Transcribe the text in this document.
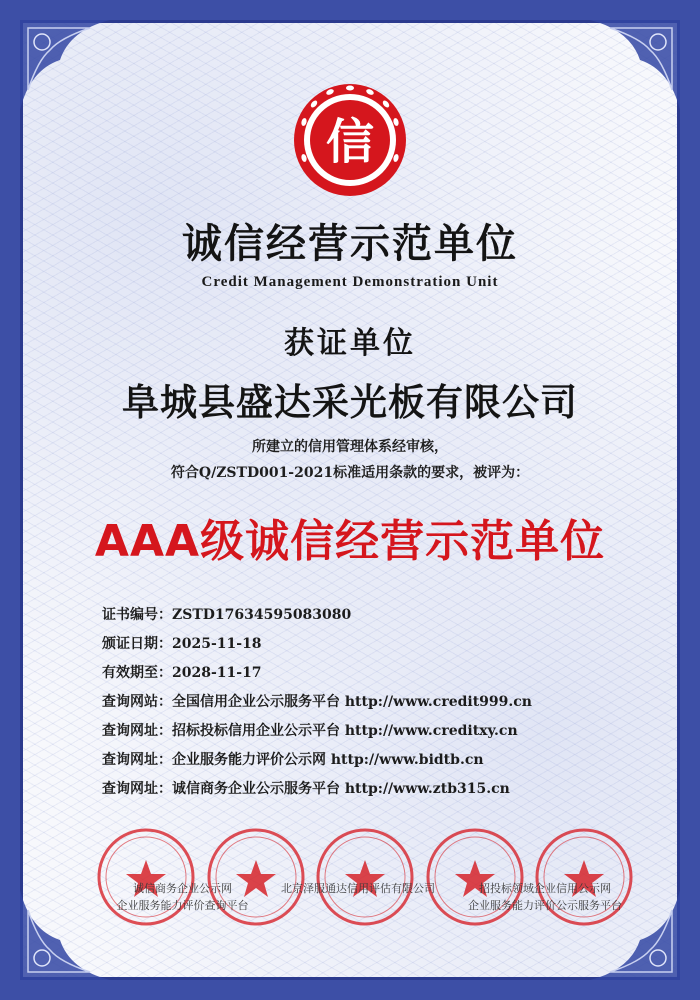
信
诚信经营示范单位
Credit Management Demonstration Unit
获证单位
阜城县盛达采光板有限公司
所建立的信用管理体系经审核，
符合Q/ZSTD001-2021标准适用条款的要求，被评为：
AAA级诚信经营示范单位
证书编号：ZSTD17634595083080
颁证日期：2025-11-18
有效期至：2028-11-17
查询网站：全国信用企业公示服务平台 http://www.credit999.cn
查询网址：招标投标信用企业公示平台 http://www.creditxy.cn
查询网址：企业服务能力评价公示网 http://www.bidtb.cn
查询网址：诚信商务企业公示服务平台 http://www.ztb315.cn
诚信商务企业公示网
企业服务能力评价查询平台
北京泽服通达信用评估有限公司	招投标领域企业信用公示网
企业服务能力评价公示服务平台
